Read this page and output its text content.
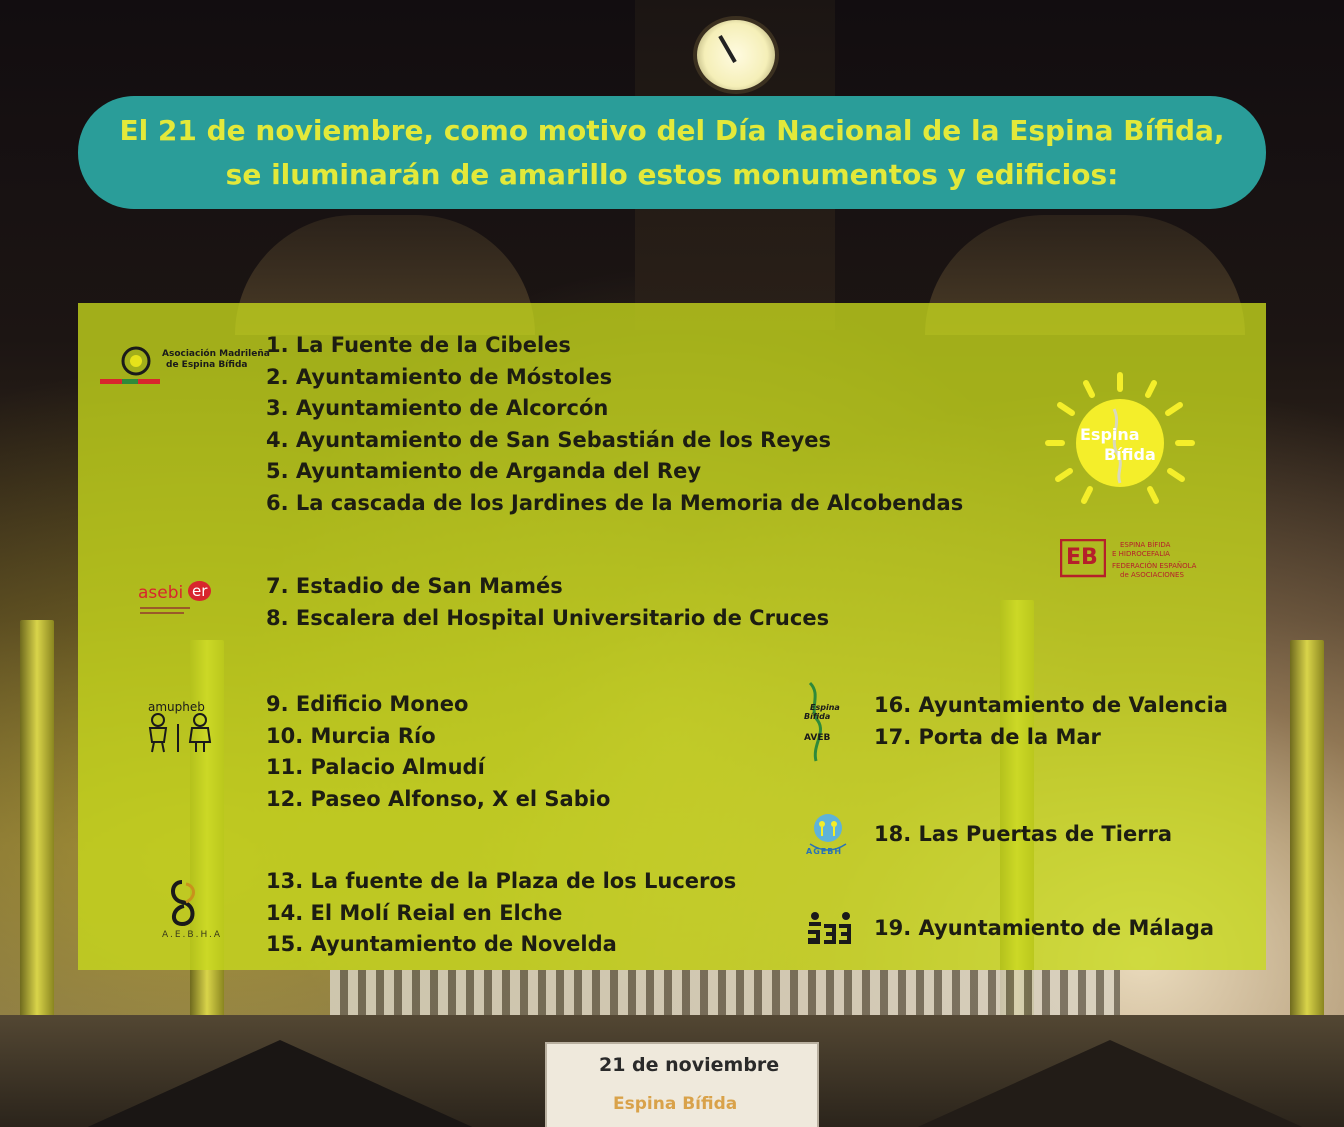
21 de noviembre
Espina Bífida
El 21 de noviembre, como motivo del Día Nacional de la Espina Bífida,
se iluminarán de amarillo estos monumentos y edificios:
Asociación Madrileña
de Espina Bífida
1. La Fuente de la Cibeles
2. Ayuntamiento de Móstoles
3. Ayuntamiento de Alcorcón
4. Ayuntamiento de San Sebastián de los Reyes
5. Ayuntamiento de Arganda del Rey
6. La cascada de los Jardines de la Memoria de Alcobendas
asebi er	7. Estadio de San Mamés
8. Escalera del Hospital Universitario de Cruces
amupheb	9. Edificio Moneo
10. Murcia Río
11. Palacio Almudí
12. Paseo Alfonso, X el Sabio
A.E.B.H.A
13. La fuente de la Plaza de los Luceros
14. El Molí Reial en Elche
15. Ayuntamiento de Novelda
Espina
Bífida
AVEB
16. Ayuntamiento de Valencia
17. Porta de la Mar
AGEBH
18. Las Puertas de Tierra
19. Ayuntamiento de Málaga
Espina
Bífida
EB	ESPINA BÍFIDA
E HIDROCEFALIA
FEDERACIÓN ESPAÑOLA
de ASOCIACIONES
